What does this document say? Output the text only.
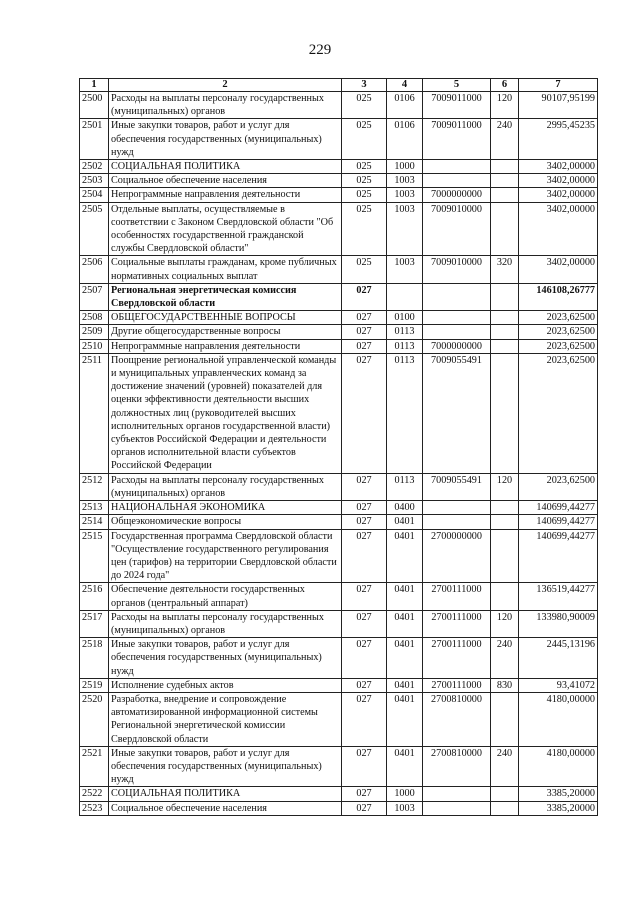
229
1	2	3	4	5	6	7
2500	Расходы на выплаты персоналу государственных (муниципальных) органов	025	0106	7009011000	120	90107,95199
2501	Иные закупки товаров, работ и услуг для обеспечения государственных (муниципальных) нужд	025	0106	7009011000	240	2995,45235
2502	СОЦИАЛЬНАЯ ПОЛИТИКА	025	1000			3402,00000
2503	Социальное обеспечение населения	025	1003			3402,00000
2504	Непрограммные направления деятельности	025	1003	7000000000		3402,00000
2505	Отдельные выплаты, осуществляемые в соответствии с Законом Свердловской области "Об особенностях государственной гражданской службы Свердловской области"	025	1003	7009010000		3402,00000
2506	Социальные выплаты гражданам, кроме публичных нормативных социальных выплат	025	1003	7009010000	320	3402,00000
2507	Региональная энергетическая комиссия Свердловской области	027				146108,26777
2508	ОБЩЕГОСУДАРСТВЕННЫЕ ВОПРОСЫ	027	0100			2023,62500
2509	Другие общегосударственные вопросы	027	0113			2023,62500
2510	Непрограммные направления деятельности	027	0113	7000000000		2023,62500
2511	Поощрение региональной управленческой команды и муниципальных управленческих команд за достижение значений (уровней) показателей для оценки эффективности деятельности высших должностных лиц (руководителей высших исполнительных органов государственной власти) субъектов Российской Федерации и деятельности органов исполнительной власти субъектов Российской Федерации	027	0113	7009055491		2023,62500
2512	Расходы на выплаты персоналу государственных (муниципальных) органов	027	0113	7009055491	120	2023,62500
2513	НАЦИОНАЛЬНАЯ ЭКОНОМИКА	027	0400			140699,44277
2514	Общеэкономические вопросы	027	0401			140699,44277
2515	Государственная программа Свердловской области "Осуществление государственного регулирования цен (тарифов) на территории Свердловской области до 2024 года"	027	0401	2700000000		140699,44277
2516	Обеспечение деятельности государственных органов (центральный аппарат)	027	0401	2700111000		136519,44277
2517	Расходы на выплаты персоналу государственных (муниципальных) органов	027	0401	2700111000	120	133980,90009
2518	Иные закупки товаров, работ и услуг для обеспечения государственных (муниципальных) нужд	027	0401	2700111000	240	2445,13196
2519	Исполнение судебных актов	027	0401	2700111000	830	93,41072
2520	Разработка, внедрение и сопровождение автоматизированной информационной системы Региональной энергетической комиссии Свердловской области	027	0401	2700810000		4180,00000
2521	Иные закупки товаров, работ и услуг для обеспечения государственных (муниципальных) нужд	027	0401	2700810000	240	4180,00000
2522	СОЦИАЛЬНАЯ ПОЛИТИКА	027	1000			3385,20000
2523	Социальное обеспечение населения	027	1003			3385,20000
